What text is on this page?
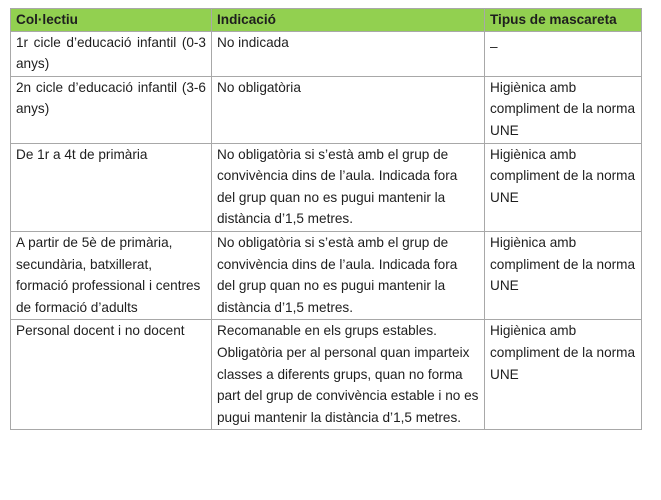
Col·lectiu	Indicació	Tipus de mascareta
1r cicle d’educació infantil (0-3 anys)	No indicada	–

2n cicle d’educació infantil (3-6 anys)	No obligatòria	Higiènica amb compliment de la norma UNE
De 1r a 4t de primària	No obligatòria si s’està amb el grup de convivència dins de l’aula. Indicada fora del grup quan no es pugui mantenir la distància d’1,5 metres.	Higiènica amb compliment de la norma UNE
A partir de 5è de primària, secundària, batxillerat, formació professional i centres de formació d’adults	No obligatòria si s’està amb el grup de convivència dins de l’aula. Indicada fora del grup quan no es pugui mantenir la distància d’1,5 metres.	Higiènica amb compliment de la norma UNE
Personal docent i no docent	Recomanable en els grups estables. Obligatòria per al personal quan imparteix classes a diferents grups, quan no forma part del grup de convivència estable i no es pugui mantenir la distància d’1,5 metres.	Higiènica amb compliment de la norma UNE
